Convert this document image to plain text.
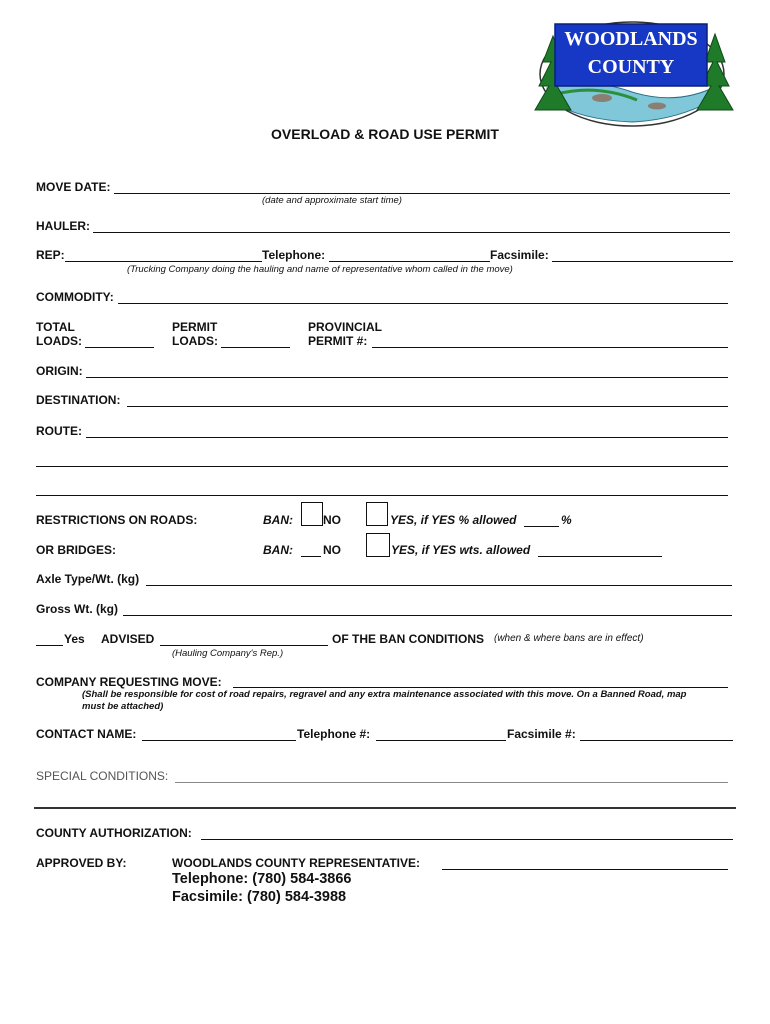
WOODLANDS
COUNTY
OVERLOAD & ROAD USE PERMIT
MOVE DATE:
(date and approximate start time)
HAULER:
REP:	Telephone:	Facsimile:
(Trucking Company doing the hauling and name of representative whom called in the move)
COMMODITY:
TOTAL
LOADS:
PERMIT
LOADS:
PROVINCIAL
PERMIT #:
ORIGIN:
DESTINATION:
ROUTE:
RESTRICTIONS ON ROADS:	BAN:	NO	YES, if YES % allowed	%
OR BRIDGES:	BAN:	NO	YES, if YES wts. allowed
Axle Type/Wt. (kg)
Gross Wt. (kg)
Yes ADVISED	OF THE BAN CONDITIONS (when & where bans are in effect)
(Hauling Company's Rep.)
COMPANY REQUESTING MOVE:
(Shall be responsible for cost of road repairs, regravel and any extra maintenance associated with this move. On a Banned Road, map
must be attached)
CONTACT NAME:	Telephone #:	Facsimile #:
SPECIAL CONDITIONS:
COUNTY AUTHORIZATION:
APPROVED BY:	WOODLANDS COUNTY REPRESENTATIVE:
Telephone: (780) 584-3866
Facsimile: (780) 584-3988
